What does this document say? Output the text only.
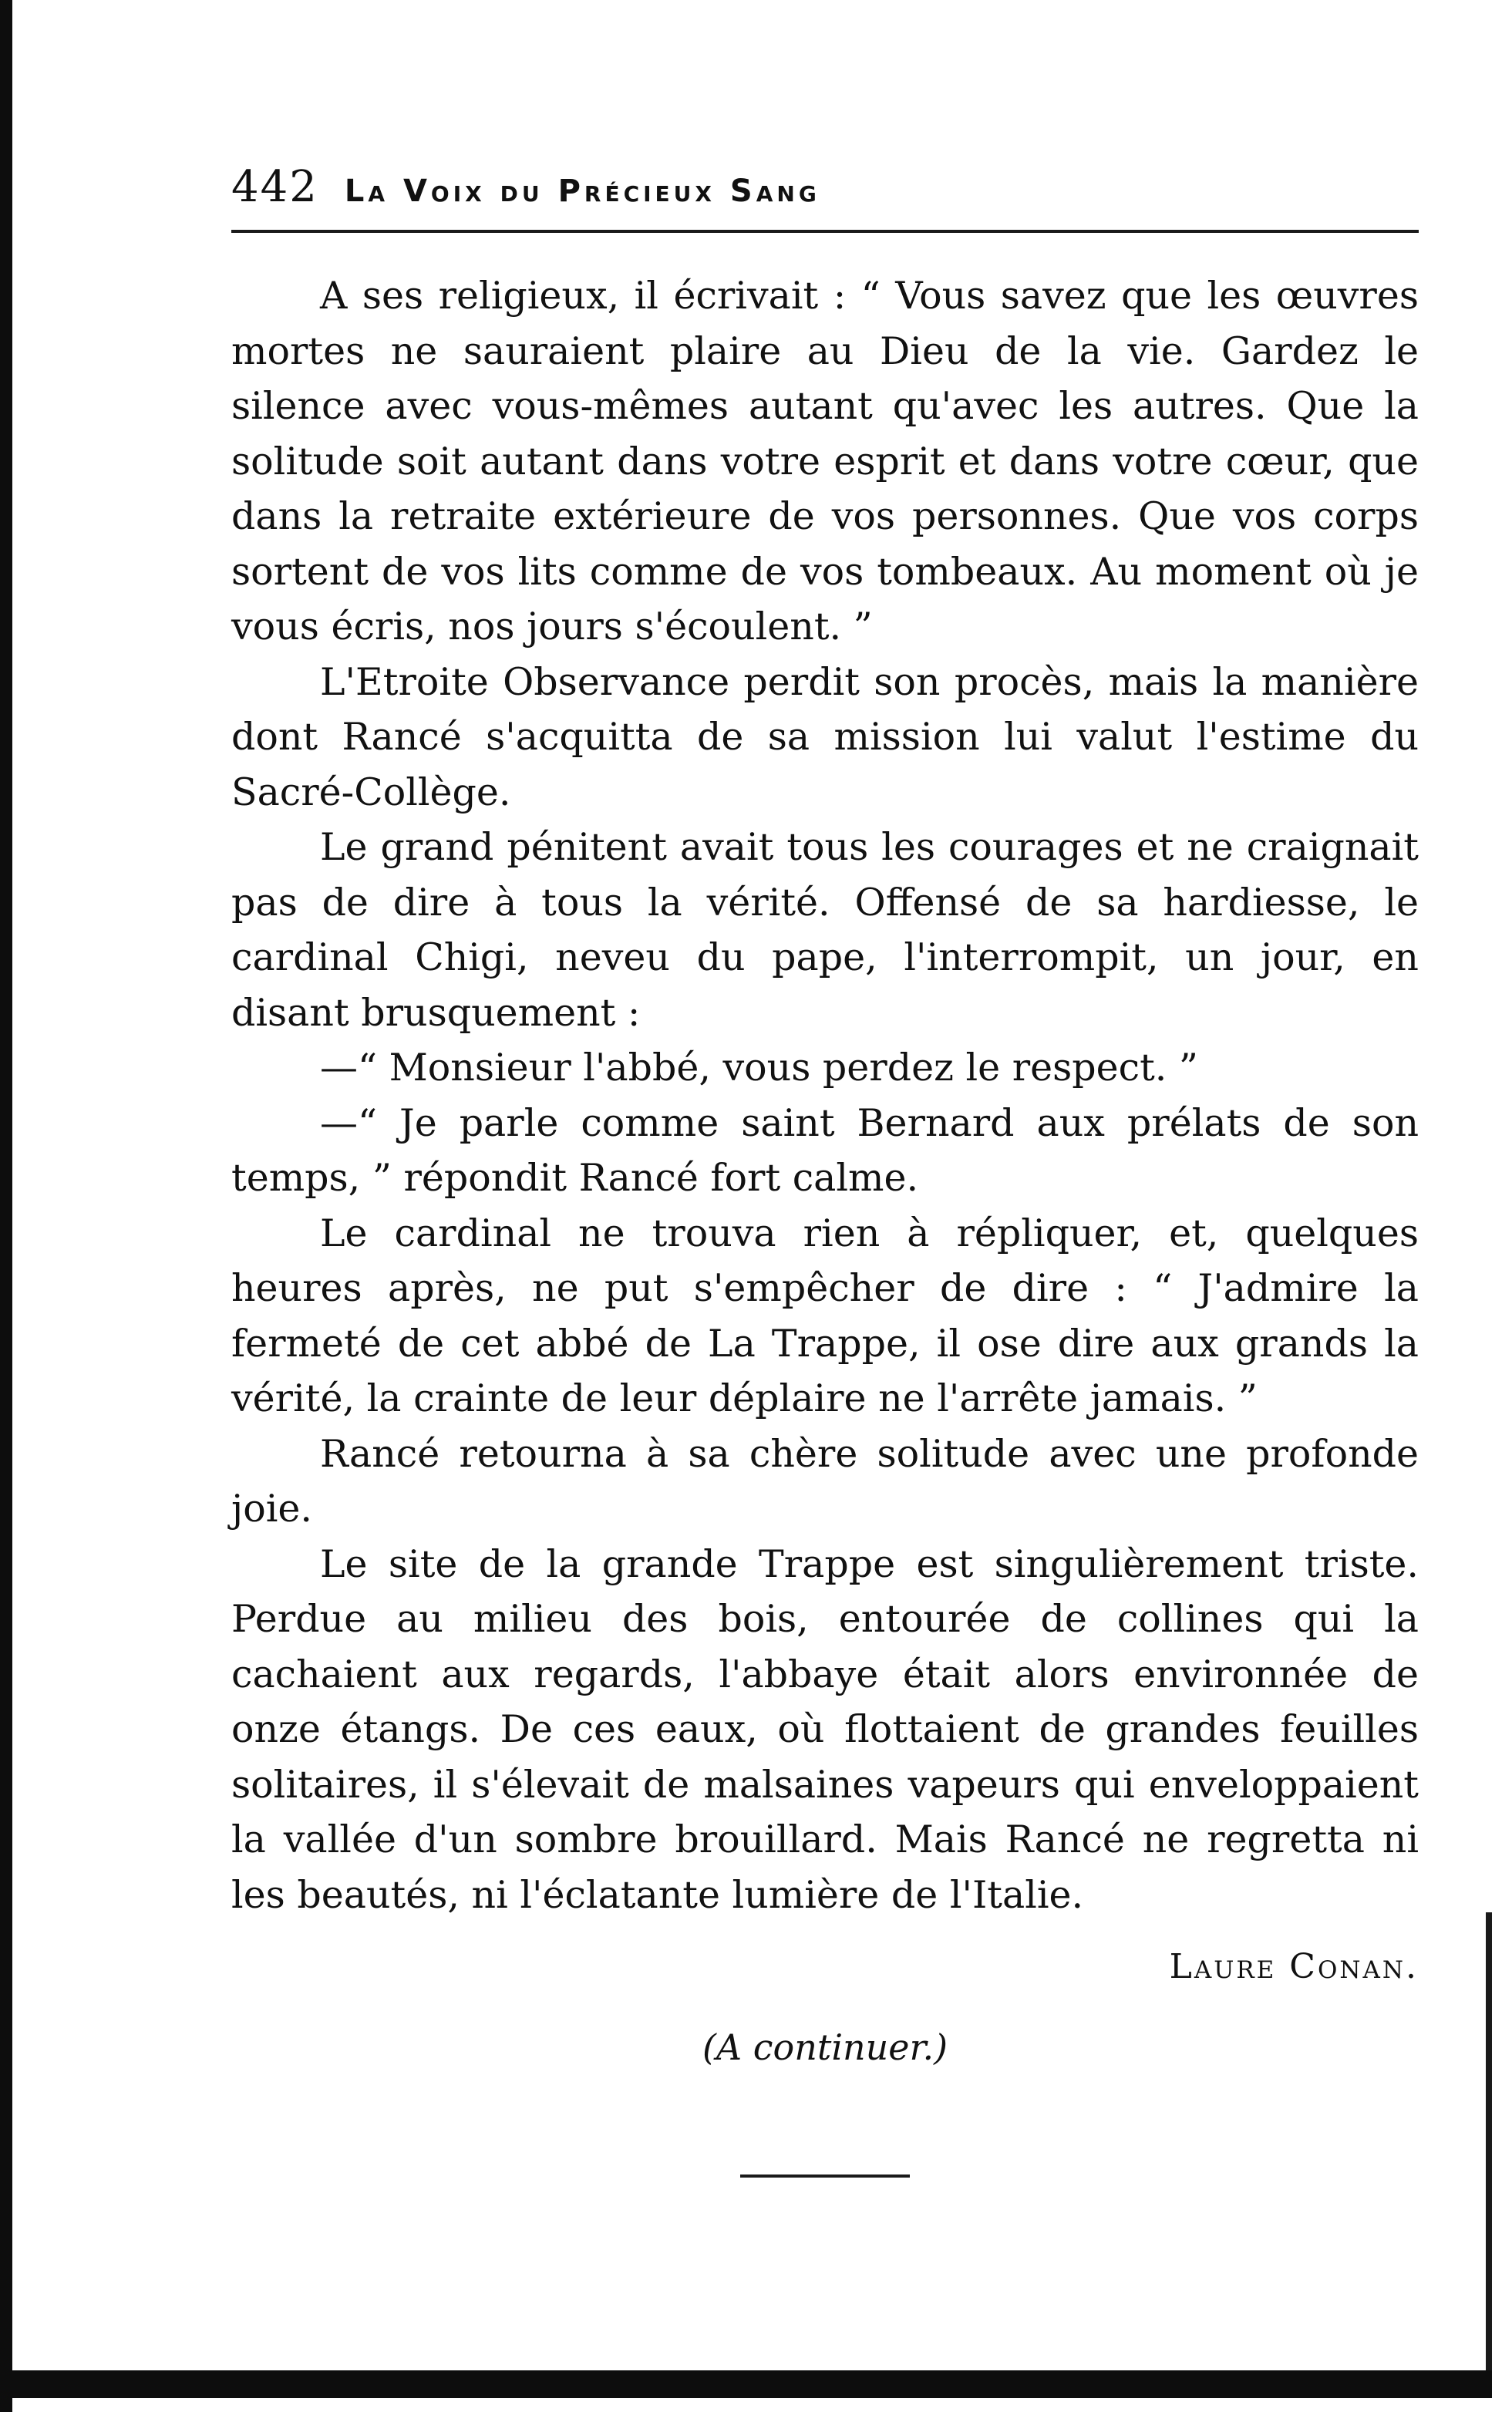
442 La Voix du Précieux Sang

A ses religieux, il écrivait : “ Vous savez que les œuvres mortes ne sauraient plaire au Dieu de la vie. Gardez le silence avec vous-mêmes autant qu'avec les autres. Que la solitude soit autant dans votre esprit et dans votre cœur, que dans la retraite extérieure de vos personnes. Que vos corps sortent de vos lits comme de vos tombeaux. Au moment où je vous écris, nos jours s'écoulent. ”

L'Etroite Observance perdit son procès, mais la manière dont Rancé s'acquitta de sa mission lui valut l'estime du Sacré-Collège.

Le grand pénitent avait tous les courages et ne craignait pas de dire à tous la vérité. Offensé de sa hardiesse, le cardinal Chigi, neveu du pape, l'interrompit, un jour, en disant brusquement :

—“ Monsieur l'abbé, vous perdez le respect. ”

—“ Je parle comme saint Bernard aux prélats de son temps, ” répondit Rancé fort calme.

Le cardinal ne trouva rien à répliquer, et, quelques heures après, ne put s'empêcher de dire : “ J'admire la fermeté de cet abbé de La Trappe, il ose dire aux grands la vérité, la crainte de leur déplaire ne l'arrête jamais. ”

Rancé retourna à sa chère solitude avec une profonde joie.

Le site de la grande Trappe est singulièrement triste. Perdue au milieu des bois, entourée de collines qui la cachaient aux regards, l'abbaye était alors environnée de onze étangs. De ces eaux, où flottaient de grandes feuilles solitaires, il s'élevait de malsaines vapeurs qui enveloppaient la vallée d'un sombre brouillard. Mais Rancé ne regretta ni les beautés, ni l'éclatante lumière de l'Italie.

Laure Conan.
(A continuer.)
